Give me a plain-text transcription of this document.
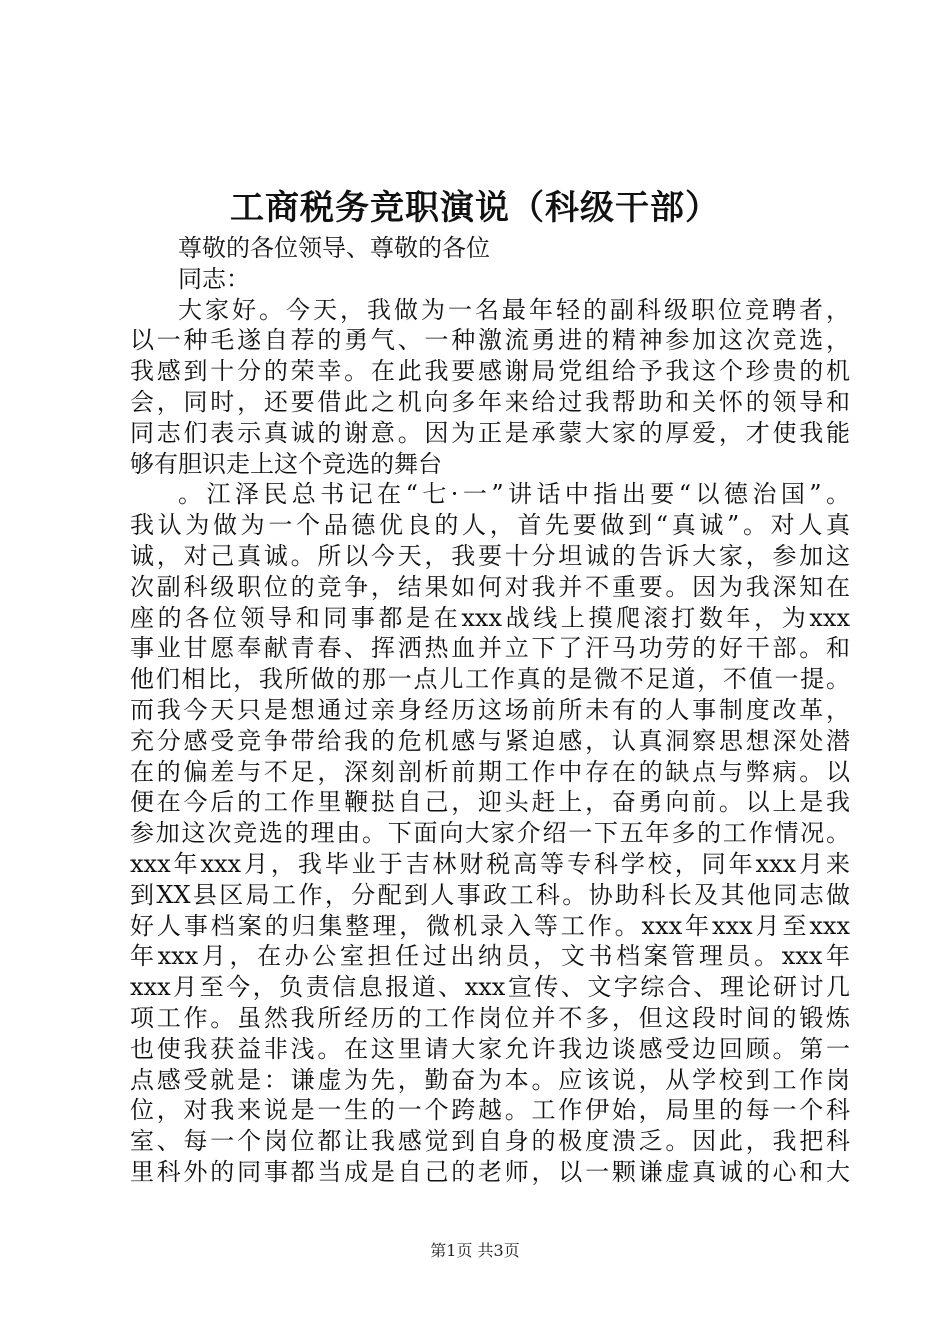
工商税务竞职演说（科级干部）
尊敬的各位领导、尊敬的各位
同志：
大家好。今天，我做为一名最年轻的副科级职位竞聘者，
以一种毛遂自荐的勇气、一种激流勇进的精神参加这次竞选，
我感到十分的荣幸。在此我要感谢局党组给予我这个珍贵的机
会，同时，还要借此之机向多年来给过我帮助和关怀的领导和
同志们表示真诚的谢意。因为正是承蒙大家的厚爱，才使我能
够有胆识走上这个竞选的舞台
。江泽民总书记在“七·一”讲话中指出要“以德治国”。
我认为做为一个品德优良的人，首先要做到“真诚”。对人真
诚，对己真诚。所以今天，我要十分坦诚的告诉大家，参加这
次副科级职位的竞争，结果如何对我并不重要。因为我深知在
座的各位领导和同事都是在xxx战线上摸爬滚打数年，为xxx
事业甘愿奉献青春、挥洒热血并立下了汗马功劳的好干部。和
他们相比，我所做的那一点儿工作真的是微不足道，不值一提。
而我今天只是想通过亲身经历这场前所未有的人事制度改革，
充分感受竞争带给我的危机感与紧迫感，认真洞察思想深处潜
在的偏差与不足，深刻剖析前期工作中存在的缺点与弊病。以
便在今后的工作里鞭挞自己，迎头赶上，奋勇向前。以上是我
参加这次竞选的理由。下面向大家介绍一下五年多的工作情况。
xxx年xxx月，我毕业于吉林财税高等专科学校，同年xxx月来
到XX县区局工作，分配到人事政工科。协助科长及其他同志做
好人事档案的归集整理，微机录入等工作。xxx年xxx月至xxx
年xxx月，在办公室担任过出纳员，文书档案管理员。xxx年
xxx月至今，负责信息报道、xxx宣传、文字综合、理论研讨几
项工作。虽然我所经历的工作岗位并不多，但这段时间的锻炼
也使我获益非浅。在这里请大家允许我边谈感受边回顾。第一
点感受就是：谦虚为先，勤奋为本。应该说，从学校到工作岗
位，对我来说是一生的一个跨越。工作伊始，局里的每一个科
室、每一个岗位都让我感觉到自身的极度溃乏。因此，我把科
里科外的同事都当成是自己的老师，以一颗谦虚真诚的心和大
第1页 共3页
